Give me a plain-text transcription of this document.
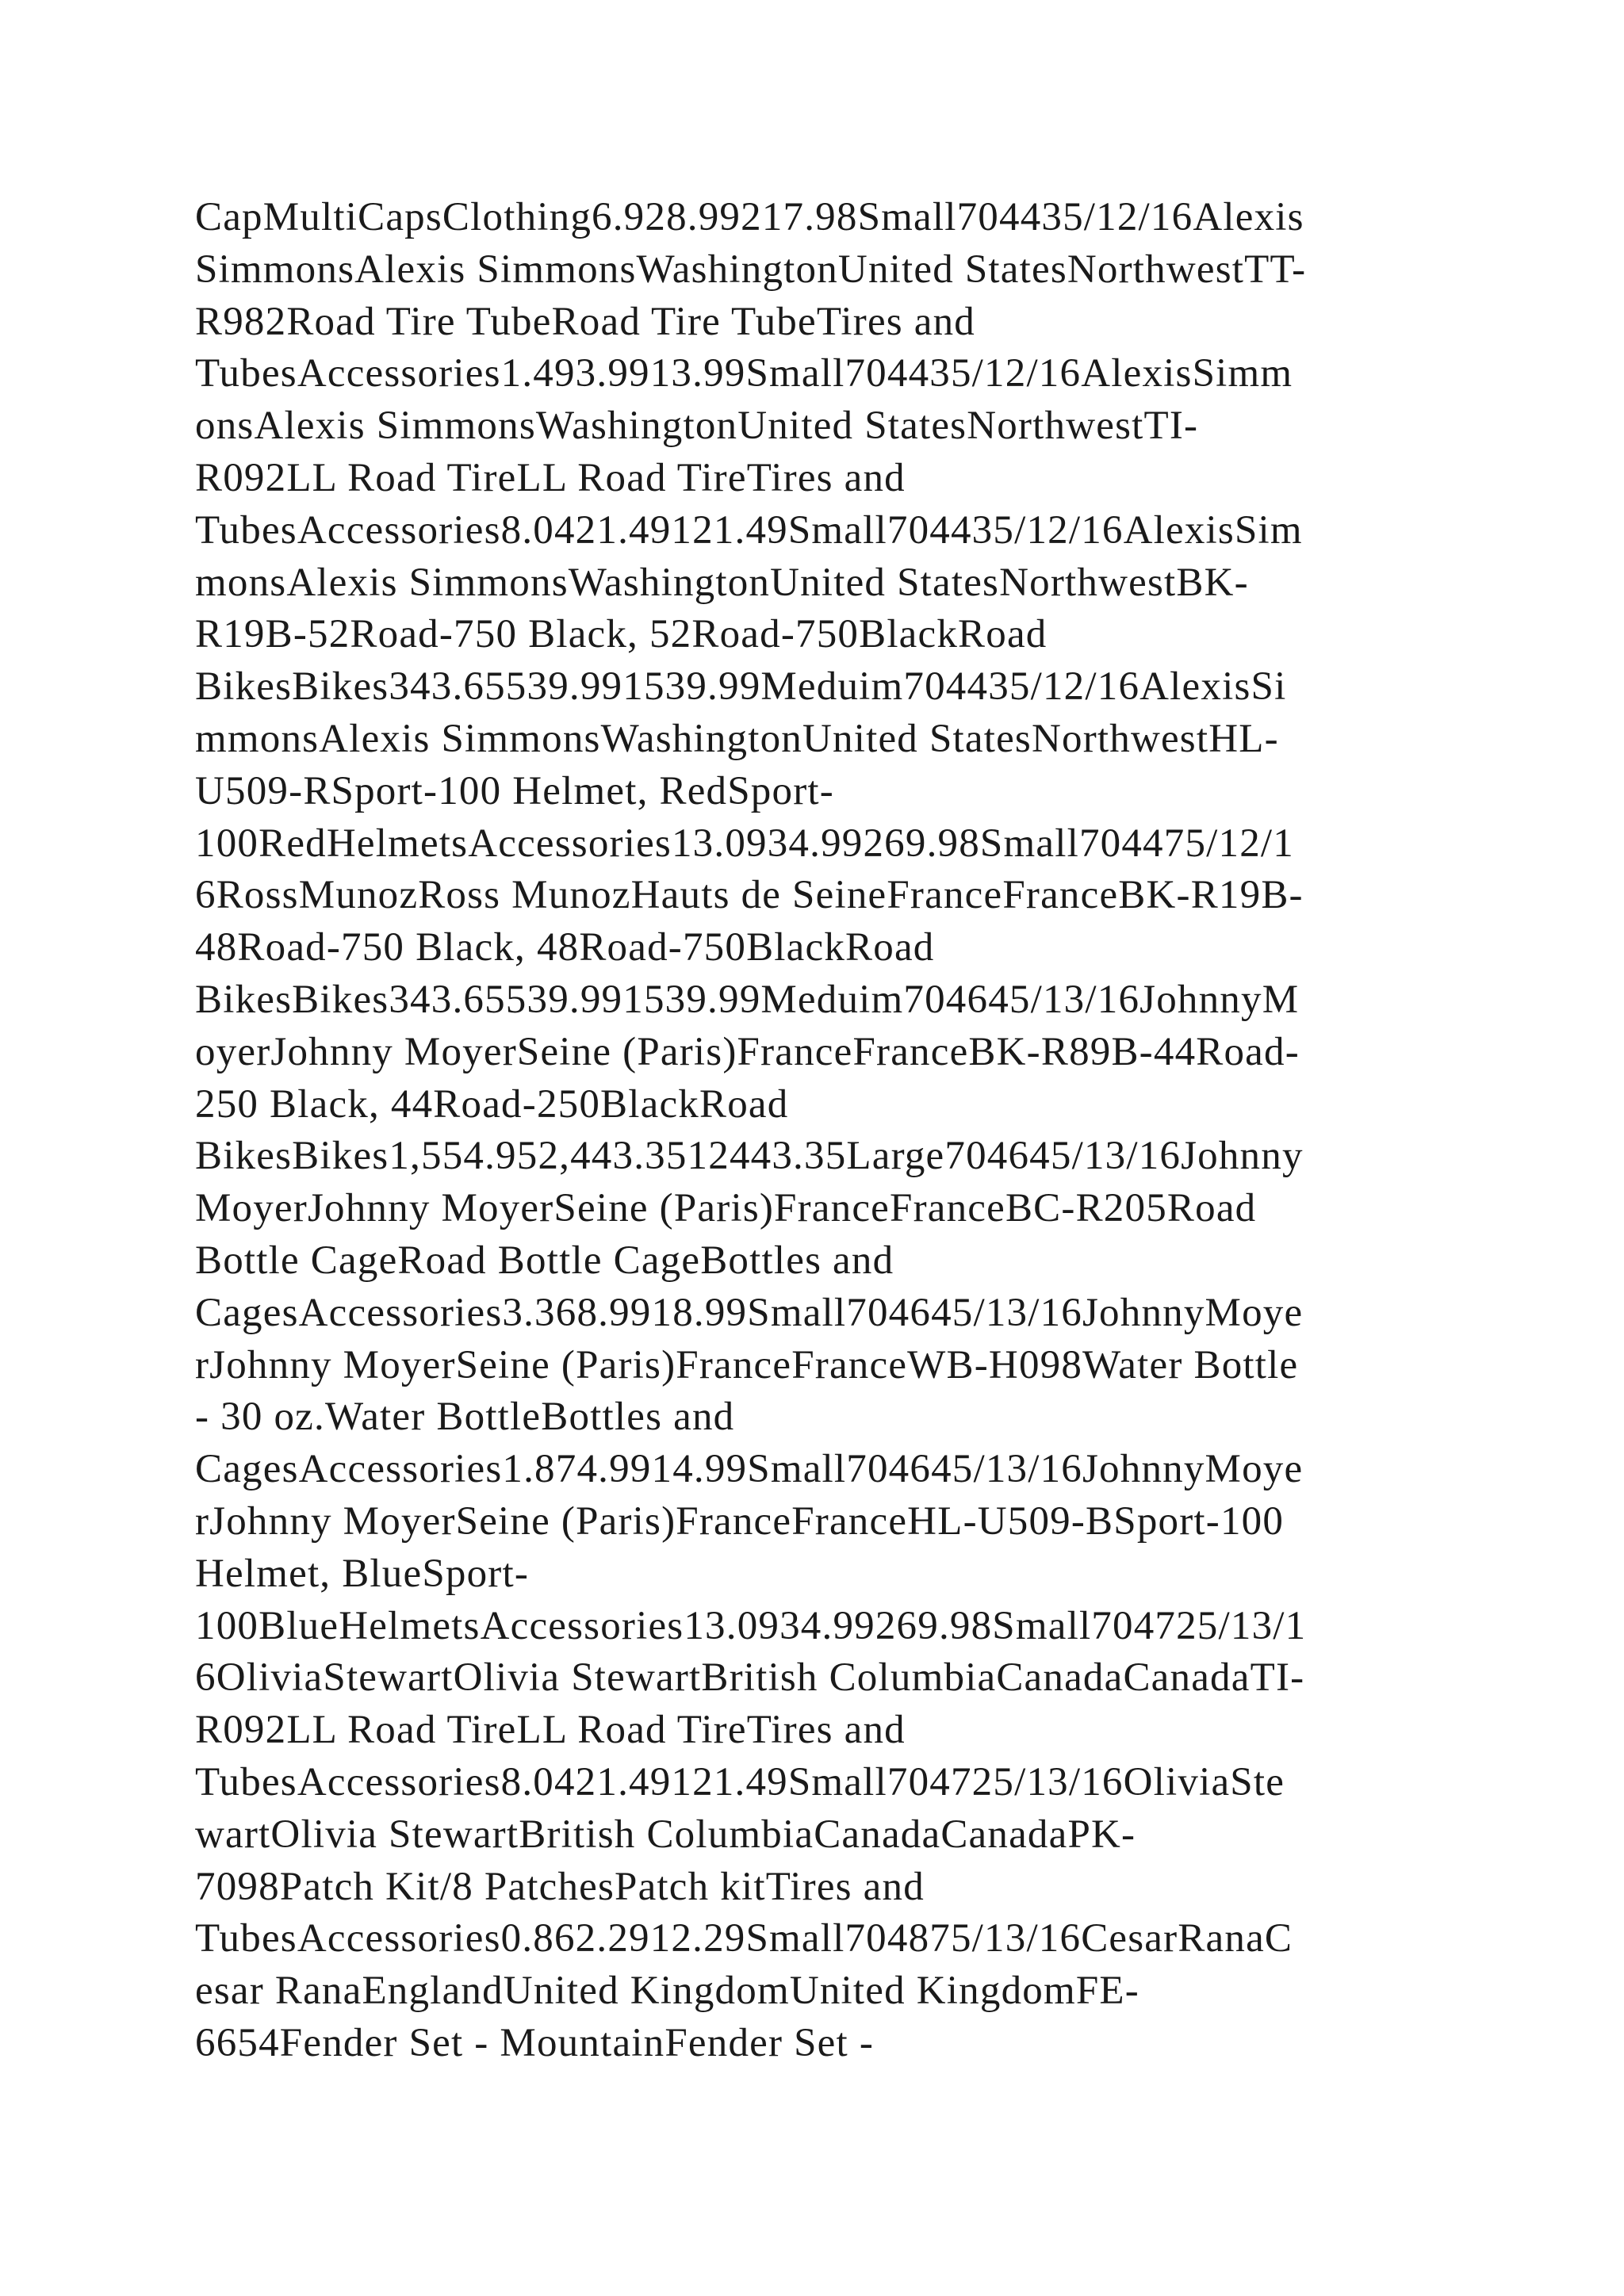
CapMultiCapsClothing6.928.99217.98Small704435/12/16Alexis
SimmonsAlexis SimmonsWashingtonUnited StatesNorthwestTT-
R982Road Tire TubeRoad Tire TubeTires and
TubesAccessories1.493.9913.99Small704435/12/16AlexisSimm
onsAlexis SimmonsWashingtonUnited StatesNorthwestTI-
R092LL Road TireLL Road TireTires and
TubesAccessories8.0421.49121.49Small704435/12/16AlexisSim
monsAlexis SimmonsWashingtonUnited StatesNorthwestBK-
R19B-52Road-750 Black, 52Road-750BlackRoad
BikesBikes343.65539.991539.99Meduim704435/12/16AlexisSi
mmonsAlexis SimmonsWashingtonUnited StatesNorthwestHL-
U509-RSport-100 Helmet, RedSport-
100RedHelmetsAccessories13.0934.99269.98Small704475/12/1
6RossMunozRoss MunozHauts de SeineFranceFranceBK-R19B-
48Road-750 Black, 48Road-750BlackRoad
BikesBikes343.65539.991539.99Meduim704645/13/16JohnnyM
oyerJohnny MoyerSeine (Paris)FranceFranceBK-R89B-44Road-
250 Black, 44Road-250BlackRoad
BikesBikes1,554.952,443.3512443.35Large704645/13/16Johnny
MoyerJohnny MoyerSeine (Paris)FranceFranceBC-R205Road
Bottle CageRoad Bottle CageBottles and
CagesAccessories3.368.9918.99Small704645/13/16JohnnyMoye
rJohnny MoyerSeine (Paris)FranceFranceWB-H098Water Bottle
- 30 oz.Water BottleBottles and
CagesAccessories1.874.9914.99Small704645/13/16JohnnyMoye
rJohnny MoyerSeine (Paris)FranceFranceHL-U509-BSport-100
Helmet, BlueSport-
100BlueHelmetsAccessories13.0934.99269.98Small704725/13/1
6OliviaStewartOlivia StewartBritish ColumbiaCanadaCanadaTI-
R092LL Road TireLL Road TireTires and
TubesAccessories8.0421.49121.49Small704725/13/16OliviaSte
wartOlivia StewartBritish ColumbiaCanadaCanadaPK-
7098Patch Kit/8 PatchesPatch kitTires and
TubesAccessories0.862.2912.29Small704875/13/16CesarRanaC
esar RanaEnglandUnited KingdomUnited KingdomFE-
6654Fender Set - MountainFender Set -
